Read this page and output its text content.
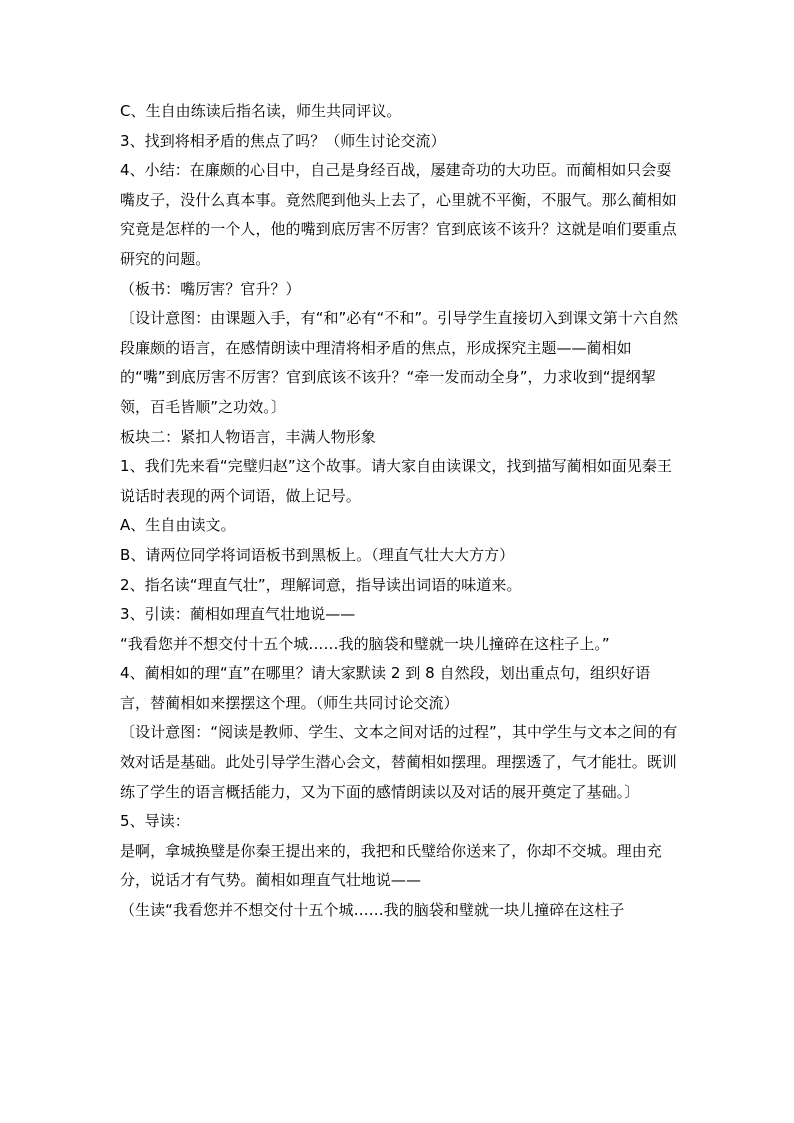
C、生自由练读后指名读，师生共同评议。

3、找到将相矛盾的焦点了吗？（师生讨论交流）

4、小结：在廉颇的心目中，自己是身经百战，屡建奇功的大功臣。而蔺相如只会耍嘴皮子，没什么真本事。竟然爬到他头上去了，心里就不平衡，不服气。那么蔺相如究竟是怎样的一个人，他的嘴到底厉害不厉害？官到底该不该升？这就是咱们要重点研究的问题。

（板书：嘴厉害？官升？）

〔设计意图：由课题入手，有“和”必有“不和”。引导学生直接切入到课文第十六自然段廉颇的语言，在感情朗读中理清将相矛盾的焦点，形成探究主题——蔺相如的“嘴”到底厉害不厉害？官到底该不该升？“牵一发而动全身”，力求收到“提纲挈领，百毛皆顺”之功效。〕

板块二：紧扣人物语言，丰满人物形象

1、我们先来看“完璧归赵”这个故事。请大家自由读课文，找到描写蔺相如面见秦王说话时表现的两个词语，做上记号。

A、生自由读文。

B、请两位同学将词语板书到黑板上。（理直气壮大大方方）

2、指名读“理直气壮”，理解词意，指导读出词语的味道来。

3、引读：蔺相如理直气壮地说——

“我看您并不想交付十五个城……我的脑袋和璧就一块儿撞碎在这柱子上。”

4、蔺相如的理“直”在哪里？请大家默读 2 到 8 自然段，划出重点句，组织好语言，替蔺相如来摆摆这个理。（师生共同讨论交流）

〔设计意图：“阅读是教师、学生、文本之间对话的过程”，其中学生与文本之间的有效对话是基础。此处引导学生潜心会文，替蔺相如摆理。理摆透了，气才能壮。既训练了学生的语言概括能力，又为下面的感情朗读以及对话的展开奠定了基础。〕

5、导读：

是啊，拿城换璧是你秦王提出来的，我把和氏璧给你送来了，你却不交城。理由充分，说话才有气势。蔺相如理直气壮地说——

（生读“我看您并不想交付十五个城……我的脑袋和璧就一块儿撞碎在这柱子
